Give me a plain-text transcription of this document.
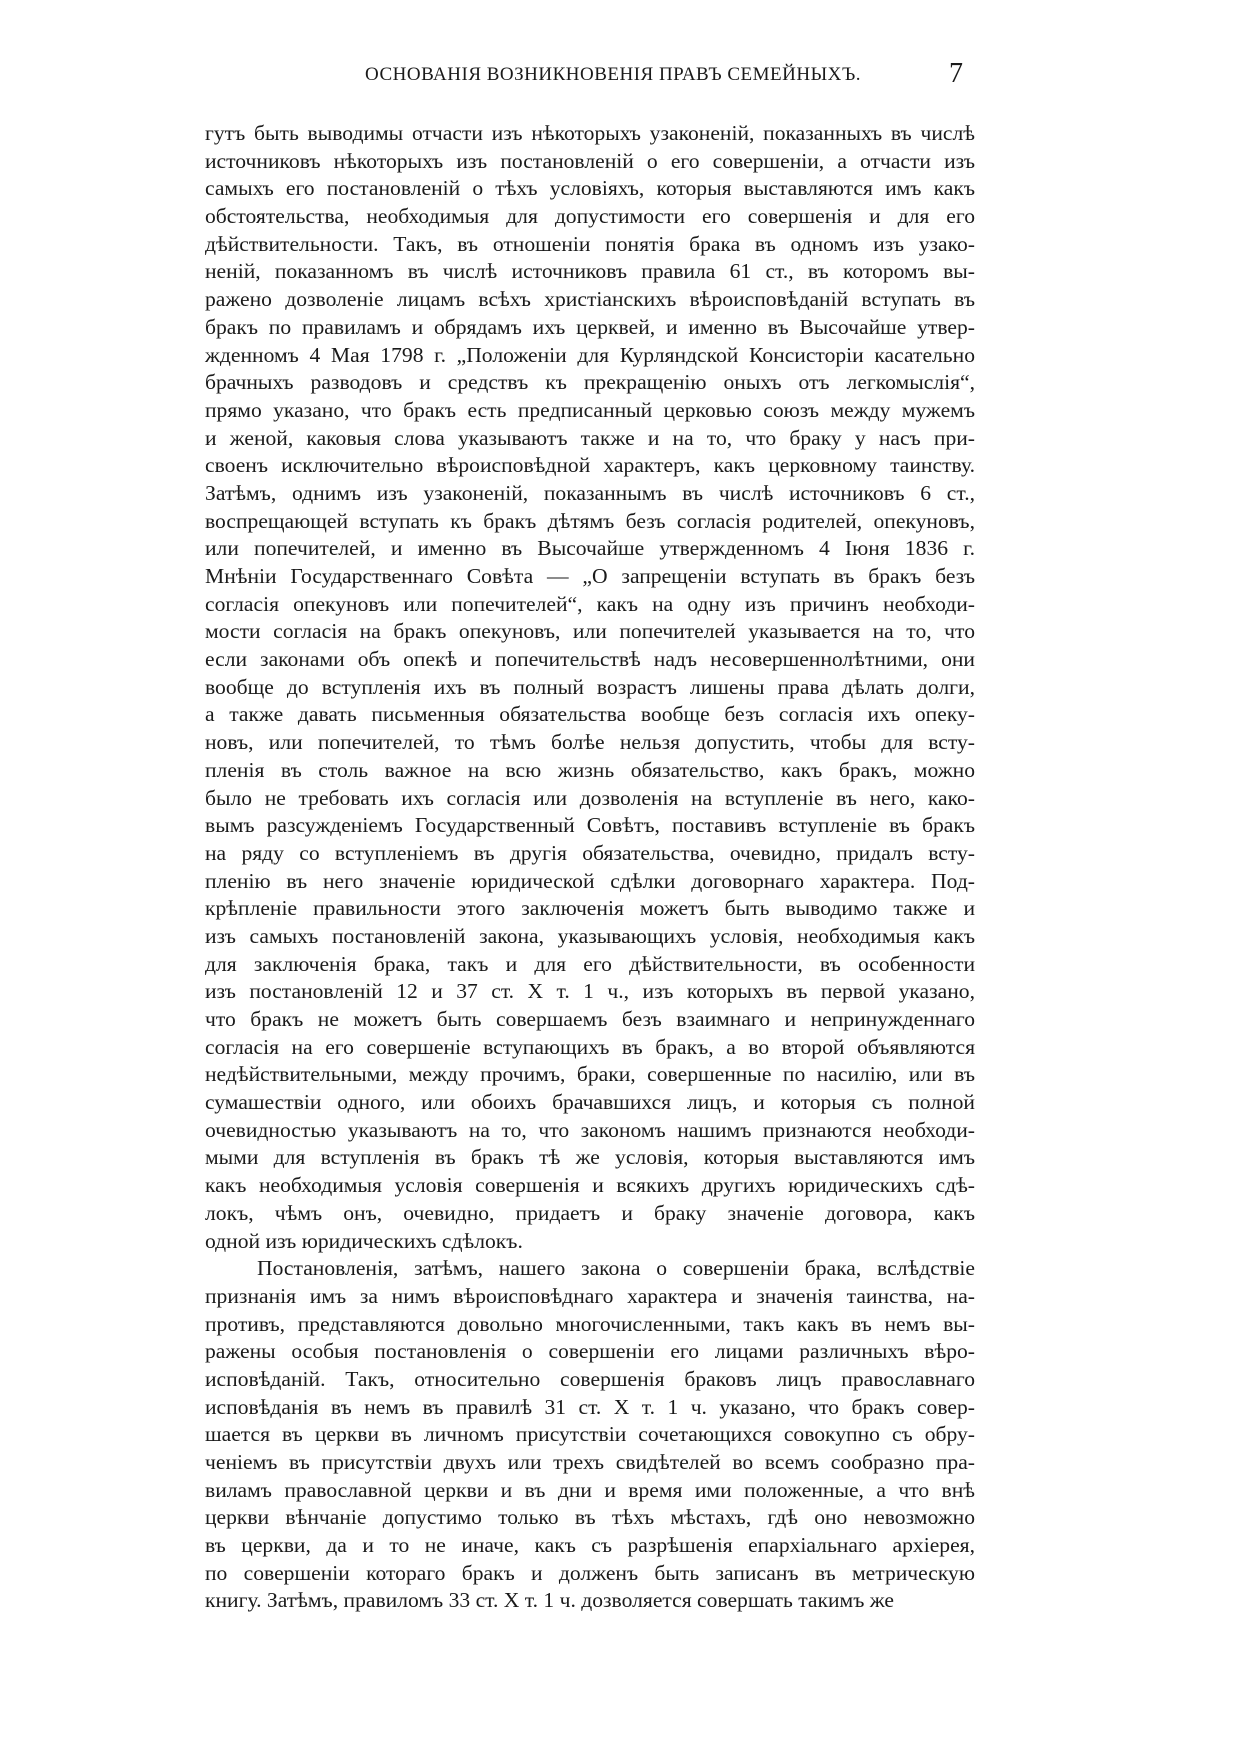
ОСНОВАНІЯ ВОЗНИКНОВЕНІЯ ПРАВЪ СЕМЕЙНЫХЪ.	7
гутъ быть выводимы отчасти изъ нѣкоторыхъ узаконеній, показанныхъ въ числѣ
источниковъ нѣкоторыхъ изъ постановленій о его совершеніи, а отчасти изъ
самыхъ его постановленій о тѣхъ условіяхъ, которыя выставляются имъ какъ
обстоятельства, необходимыя для допустимости его совершенія и для его
дѣйствительности. Такъ, въ отношеніи понятія брака въ одномъ изъ узако-
неній, показанномъ въ числѣ источниковъ правила 61 ст., въ которомъ вы-
ражено дозволеніе лицамъ всѣхъ христіанскихъ вѣроисповѣданій вступать въ
бракъ по правиламъ и обрядамъ ихъ церквей, и именно въ Высочайше утвер-
жденномъ 4 Мая 1798 г. „Положеніи для Курляндской Консисторіи касательно
брачныхъ разводовъ и средствъ къ прекращенію оныхъ отъ легкомыслія“,
прямо указано, что бракъ есть предписанный церковью союзъ между мужемъ
и женой, каковыя слова указываютъ также и на то, что браку у насъ при-
своенъ исключительно вѣроисповѣдной характеръ, какъ церковному таинству.
Затѣмъ, однимъ изъ узаконеній, показаннымъ въ числѣ источниковъ 6 ст.,
воспрещающей вступать къ бракъ дѣтямъ безъ согласія родителей, опекуновъ,
или попечителей, и именно въ Высочайше утвержденномъ 4 Іюня 1836 г.
Мнѣніи Государственнаго Совѣта — „О запрещеніи вступать въ бракъ безъ
согласія опекуновъ или попечителей“, какъ на одну изъ причинъ необходи-
мости согласія на бракъ опекуновъ, или попечителей указывается на то, что
если законами объ опекѣ и попечительствѣ надъ несовершеннолѣтними, они
вообще до вступленія ихъ въ полный возрастъ лишены права дѣлать долги,
а также давать письменныя обязательства вообще безъ согласія ихъ опеку-
новъ, или попечителей, то тѣмъ болѣе нельзя допустить, чтобы для всту-
пленія въ столь важное на всю жизнь обязательство, какъ бракъ, можно
было не требовать ихъ согласія или дозволенія на вступленіе въ него, како-
вымъ разсужденіемъ Государственный Совѣтъ, поставивъ вступленіе въ бракъ
на ряду со вступленіемъ въ другія обязательства, очевидно, придалъ всту-
пленію въ него значеніе юридической сдѣлки договорнаго характера. Под-
крѣпленіе правильности этого заключенія можетъ быть выводимо также и
изъ самыхъ постановленій закона, указывающихъ условія, необходимыя какъ
для заключенія брака, такъ и для его дѣйствительности, въ особенности
изъ постановленій 12 и 37 ст. X т. 1 ч., изъ которыхъ въ первой указано,
что бракъ не можетъ быть совершаемъ безъ взаимнаго и непринужденнаго
согласія на его совершеніе вступающихъ въ бракъ, а во второй объявляются
недѣйствительными, между прочимъ, браки, совершенные по насилію, или въ
сумашествіи одного, или обоихъ брачавшихся лицъ, и которыя съ полной
очевидностью указываютъ на то, что закономъ нашимъ признаются необходи-
мыми для вступленія въ бракъ тѣ же условія, которыя выставляются имъ
какъ необходимыя условія совершенія и всякихъ другихъ юридическихъ сдѣ-
локъ, чѣмъ онъ, очевидно, придаетъ и браку значеніе договора, какъ
одной изъ юридическихъ сдѣлокъ.
Постановленія, затѣмъ, нашего закона о совершеніи брака, вслѣдствіе
признанія имъ за нимъ вѣроисповѣднаго характера и значенія таинства, на-
противъ, представляются довольно многочисленными, такъ какъ въ немъ вы-
ражены особыя постановленія о совершеніи его лицами различныхъ вѣро-
исповѣданій. Такъ, относительно совершенія браковъ лицъ православнаго
исповѣданія въ немъ въ правилѣ 31 ст. X т. 1 ч. указано, что бракъ совер-
шается въ церкви въ личномъ присутствіи сочетающихся совокупно съ обру-
ченіемъ въ присутствіи двухъ или трехъ свидѣтелей во всемъ сообразно пра-
виламъ православной церкви и въ дни и время ими положенные, а что внѣ
церкви вѣнчаніе допустимо только въ тѣхъ мѣстахъ, гдѣ оно невозможно
въ церкви, да и то не иначе, какъ съ разрѣшенія епархіальнаго архіерея,
по совершеніи котораго бракъ и долженъ быть записанъ въ метрическую
книгу. Затѣмъ, правиломъ 33 ст. X т. 1 ч. дозволяется совершать такимъ же
